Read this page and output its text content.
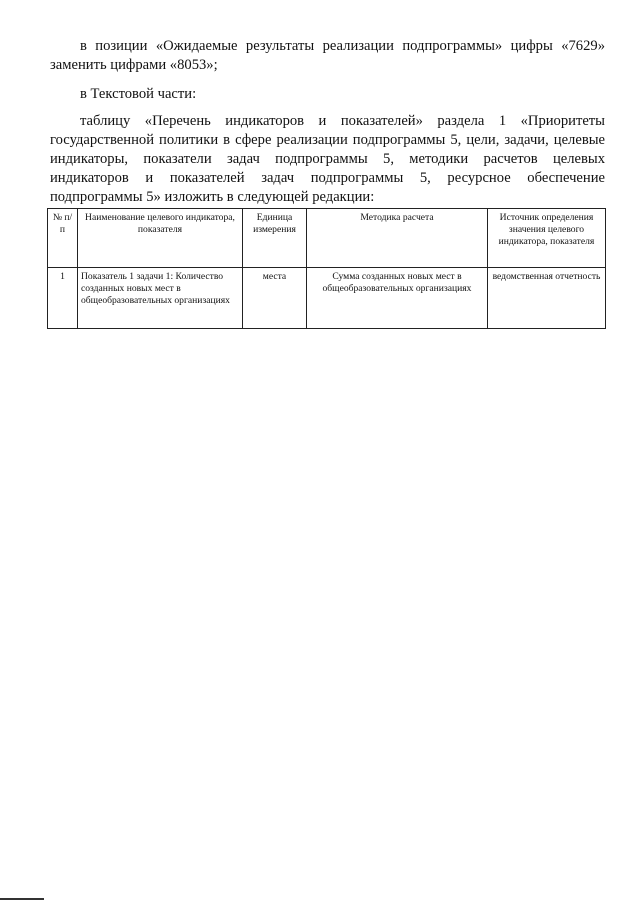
в позиции «Ожидаемые результаты реализации подпрограммы» цифры «7629» заменить цифрами «8053»;

в Текстовой части:

таблицу «Перечень индикаторов и показателей» раздела 1 «Приоритеты государственной политики в сфере реализации подпрограммы 5, цели, задачи, целевые индикаторы, показатели задач подпрограммы 5, методики расчетов целевых индикаторов и показателей задач подпрограммы 5, ресурсное обеспечение подпрограммы 5» изложить в следующей редакции:

№ п/п	Наименование целевого индикатора, показателя	Единица измерения	Методика расчета	Источник определения значения целевого индикатора, показателя
1	Показатель 1 задачи 1: Количество созданных новых мест в общеобразовательных организациях	места	Сумма созданных новых мест в общеобразовательных организациях	ведомственная отчетность
